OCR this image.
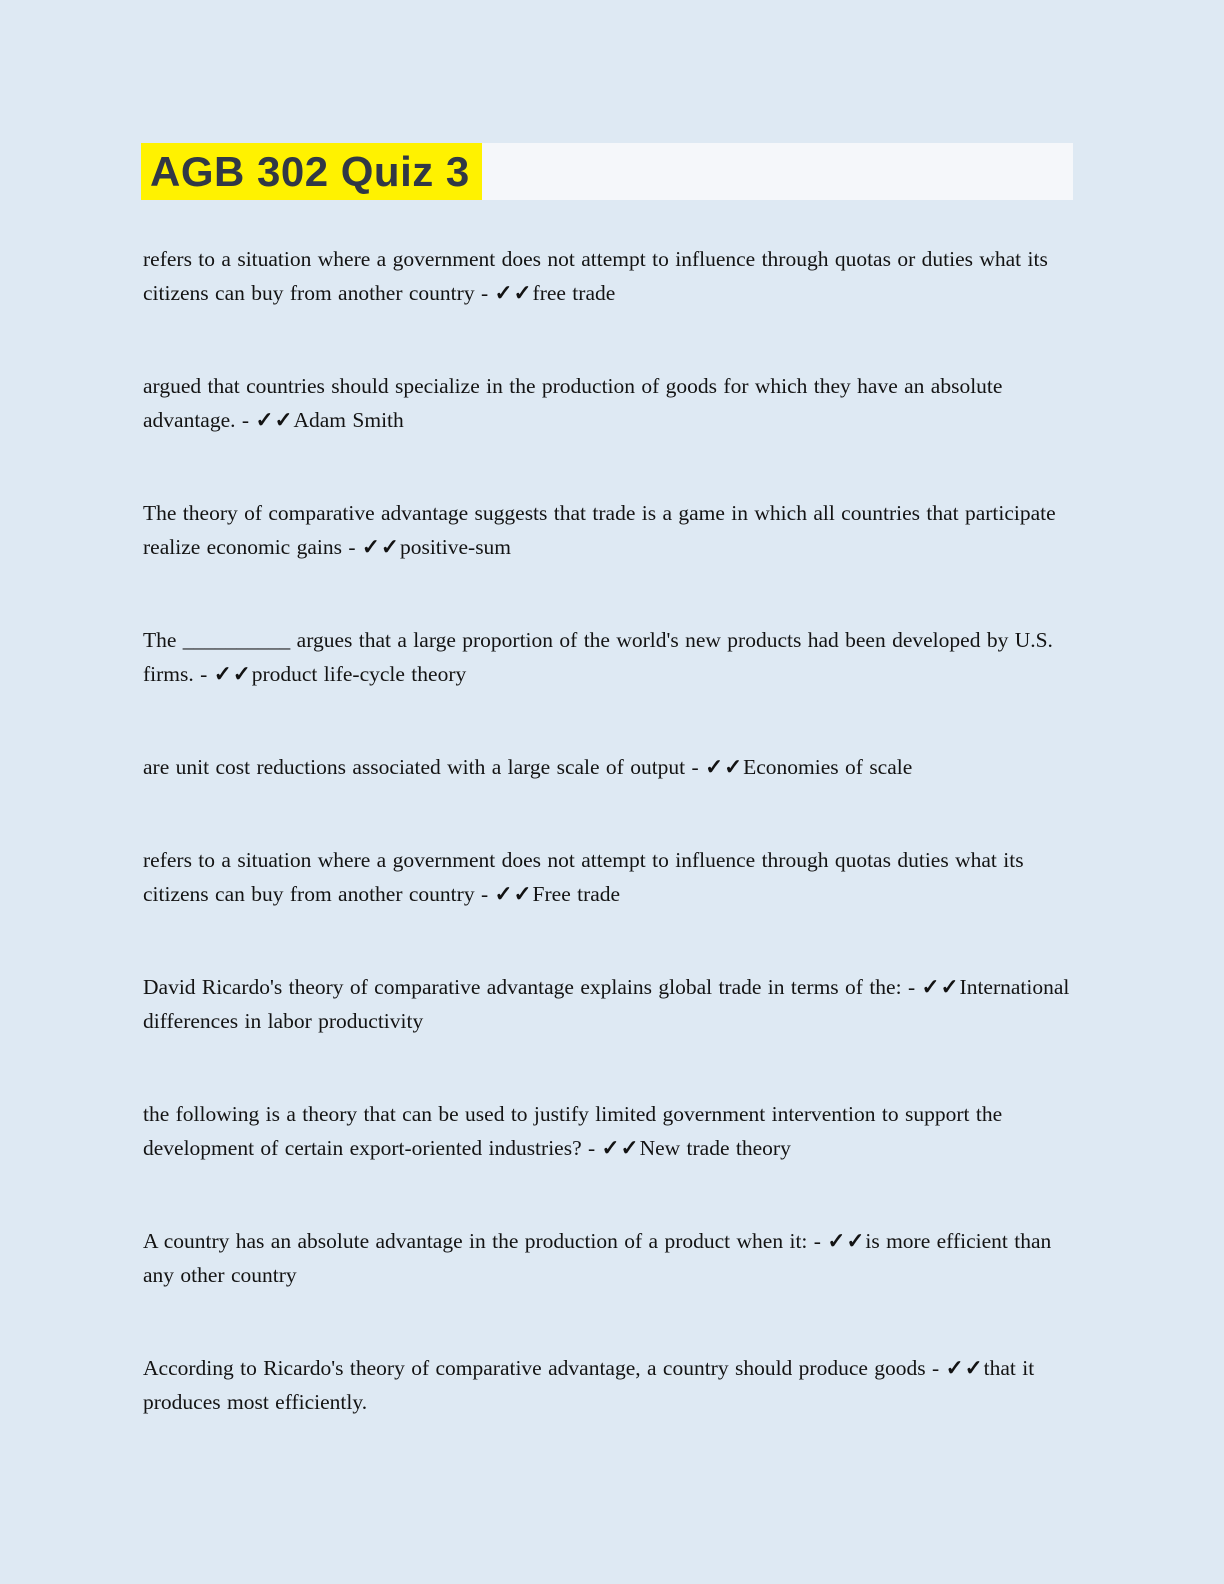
AGB 302 Quiz 3

refers to a situation where a government does not attempt to influence through quotas or duties what its citizens can buy from another country - ✓✓free trade

argued that countries should specialize in the production of goods for which they have an absolute advantage. - ✓✓Adam Smith

The theory of comparative advantage suggests that trade is a game in which all countries that participate realize economic gains - ✓✓positive-sum

The __________ argues that a large proportion of the world's new products had been developed by U.S. firms. - ✓✓product life-cycle theory

are unit cost reductions associated with a large scale of output - ✓✓Economies of scale

refers to a situation where a government does not attempt to influence through quotas duties what its citizens can buy from another country - ✓✓Free trade

David Ricardo's theory of comparative advantage explains global trade in terms of the: - ✓✓International differences in labor productivity

the following is a theory that can be used to justify limited government intervention to support the development of certain export-oriented industries? - ✓✓New trade theory

A country has an absolute advantage in the production of a product when it: - ✓✓is more efficient than any other country

According to Ricardo's theory of comparative advantage, a country should produce goods - ✓✓that it produces most efficiently.
